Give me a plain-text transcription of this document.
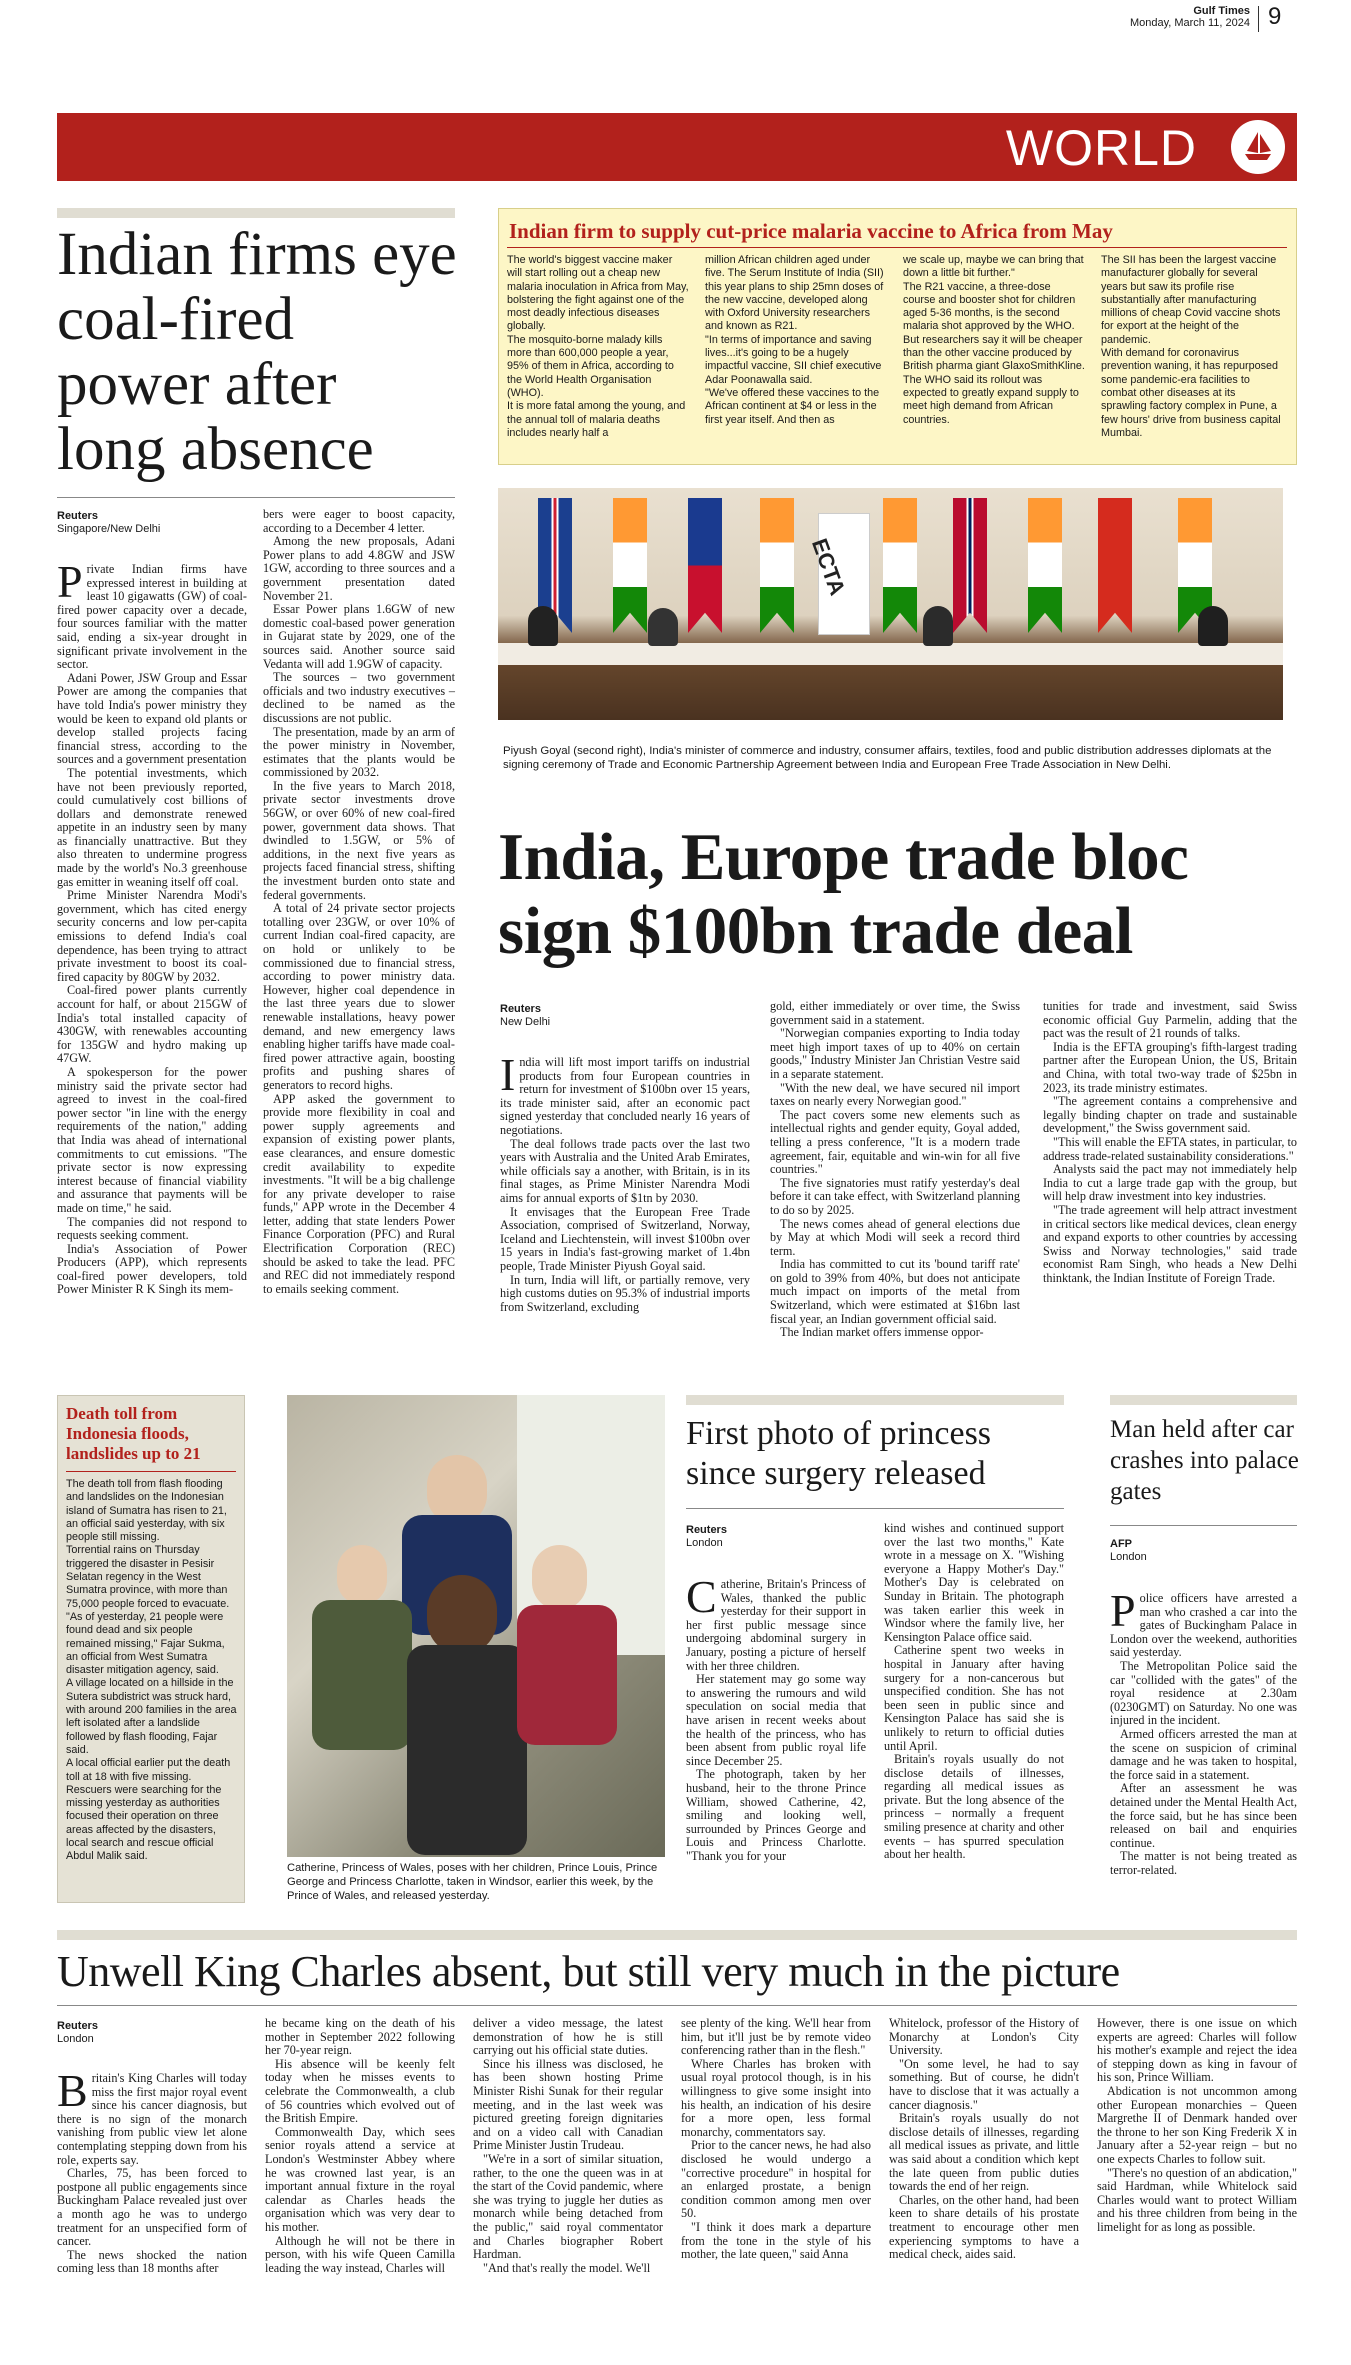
Gulf Times
Monday, March 11, 2024 9
WORLD
Indian firms eye coal-fired power after long absence
Reuters
Singapore/New Delhi

Private Indian firms have expressed interest in building at least 10 gigawatts (GW) of coal-fired power capacity over a decade, four sources familiar with the matter said, ending a six-year drought in significant private involvement in the sector.

Adani Power, JSW Group and Essar Power are among the companies that have told India's power ministry they would be keen to expand old plants or develop stalled projects facing financial stress, according to the sources and a government presentation

The potential investments, which have not been previously reported, could cumulatively cost billions of dollars and demonstrate renewed appetite in an industry seen by many as financially unattractive. But they also threaten to undermine progress made by the world's No.3 greenhouse gas emitter in weaning itself off coal.

Prime Minister Narendra Modi's government, which has cited energy security concerns and low per-capita emissions to defend India's coal dependence, has been trying to attract private investment to boost its coal-fired capacity by 80GW by 2032.

Coal-fired power plants currently account for half, or about 215GW of India's total installed capacity of 430GW, with renewables accounting for 135GW and hydro making up 47GW.

A spokesperson for the power ministry said the private sector had agreed to invest in the coal-fired power sector "in line with the energy requirements of the nation," adding that India was ahead of international commitments to cut emissions. "The private sector is now expressing interest because of financial viability and assurance that payments will be made on time," he said.

The companies did not respond to requests seeking comment.

India's Association of Power Producers (APP), which represents coal-fired power developers, told Power Minister R K Singh its mem-

bers were eager to boost capacity, according to a December 4 letter.

Among the new proposals, Adani Power plans to add 4.8GW and JSW 1GW, according to three sources and a government presentation dated November 21.

Essar Power plans 1.6GW of new domestic coal-based power generation in Gujarat state by 2029, one of the sources said. Another source said Vedanta will add 1.9GW of capacity.

The sources – two government officials and two industry executives – declined to be named as the discussions are not public.

The presentation, made by an arm of the power ministry in November, estimates that the plants would be commissioned by 2032.

In the five years to March 2018, private sector investments drove 56GW, or over 60% of new coal-fired power, government data shows. That dwindled to 1.5GW, or 5% of additions, in the next five years as projects faced financial stress, shifting the investment burden onto state and federal governments.

A total of 24 private sector projects totalling over 23GW, or over 10% of current Indian coal-fired capacity, are on hold or unlikely to be commissioned due to financial stress, according to power ministry data. However, higher coal dependence in the last three years due to slower renewable installations, heavy power demand, and new emergency laws enabling higher tariffs have made coal-fired power attractive again, boosting profits and pushing shares of generators to record highs.

APP asked the government to provide more flexibility in coal and power supply agreements and expansion of existing power plants, ease clearances, and ensure domestic credit availability to expedite investments. "It will be a big challenge for any private developer to raise funds," APP wrote in the December 4 letter, adding that state lenders Power Finance Corporation (PFC) and Rural Electrification Corporation (REC) should be asked to take the lead. PFC and REC did not immediately respond to emails seeking comment.

Indian firm to supply cut-price malaria vaccine to Africa from May
The world's biggest vaccine maker will start rolling out a cheap new malaria inoculation in Africa from May, bolstering the fight against one of the most deadly infectious diseases globally.
The mosquito-borne malady kills more than 600,000 people a year, 95% of them in Africa, according to the World Health Organisation (WHO).
It is more fatal among the young, and the annual toll of malaria deaths includes nearly half a
million African children aged under five. The Serum Institute of India (SII) this year plans to ship 25mn doses of the new vaccine, developed along with Oxford University researchers and known as R21.
"In terms of importance and saving lives...it's going to be a hugely impactful vaccine, SII chief executive Adar Poonawalla said.
"We've offered these vaccines to the African continent at $4 or less in the first year itself. And then as
we scale up, maybe we can bring that down a little bit further."
The R21 vaccine, a three-dose course and booster shot for children aged 5-36 months, is the second malaria shot approved by the WHO. But researchers say it will be cheaper than the other vaccine produced by British pharma giant GlaxoSmithKline.
The WHO said its rollout was expected to greatly expand supply to meet high demand from African countries.
The SII has been the largest vaccine manufacturer globally for several years but saw its profile rise substantially after manufacturing millions of cheap Covid vaccine shots for export at the height of the pandemic.
With demand for coronavirus prevention waning, it has repurposed some pandemic-era facilities to combat other diseases at its sprawling factory complex in Pune, a few hours' drive from business capital Mumbai.
ECTA
Piyush Goyal (second right), India's minister of commerce and industry, consumer affairs, textiles, food and public distribution addresses diplomats at the signing ceremony of Trade and Economic Partnership Agreement between India and European Free Trade Association in New Delhi.
India, Europe trade bloc sign $100bn trade deal
Reuters
New Delhi

India will lift most import tariffs on industrial products from four European countries in return for investment of $100bn over 15 years, its trade minister said, after an economic pact signed yesterday that concluded nearly 16 years of negotiations.

The deal follows trade pacts over the last two years with Australia and the United Arab Emirates, while officials say a another, with Britain, is in its final stages, as Prime Minister Narendra Modi aims for annual exports of $1tn by 2030.

It envisages that the European Free Trade Association, comprised of Switzerland, Norway, Iceland and Liechtenstein, will invest $100bn over 15 years in India's fast-growing market of 1.4bn people, Trade Minister Piyush Goyal said.

In turn, India will lift, or partially remove, very high customs duties on 95.3% of industrial imports from Switzerland, excluding

gold, either immediately or over time, the Swiss government said in a statement.

"Norwegian companies exporting to India today meet high import taxes of up to 40% on certain goods," Industry Minister Jan Christian Vestre said in a separate statement.

"With the new deal, we have secured nil import taxes on nearly every Norwegian good."

The pact covers some new elements such as intellectual rights and gender equity, Goyal added, telling a press conference, "It is a modern trade agreement, fair, equitable and win-win for all five countries."

The five signatories must ratify yesterday's deal before it can take effect, with Switzerland planning to do so by 2025.

The news comes ahead of general elections due by May at which Modi will seek a record third term.

India has committed to cut its 'bound tariff rate' on gold to 39% from 40%, but does not anticipate much impact on imports of the metal from Switzerland, which were estimated at $16bn last fiscal year, an Indian government official said.

The Indian market offers immense oppor-

tunities for trade and investment, said Swiss economic official Guy Parmelin, adding that the pact was the result of 21 rounds of talks.

India is the EFTA grouping's fifth-largest trading partner after the European Union, the US, Britain and China, with total two-way trade of $25bn in 2023, its trade ministry estimates.

"The agreement contains a comprehensive and legally binding chapter on trade and sustainable development," the Swiss government said.

"This will enable the EFTA states, in particular, to address trade-related sustainability considerations."

Analysts said the pact may not immediately help India to cut a large trade gap with the group, but will help draw investment into key industries.

"The trade agreement will help attract investment in critical sectors like medical devices, clean energy and expand exports to other countries by accessing Swiss and Norway technologies," said trade economist Ram Singh, who heads a New Delhi thinktank, the Indian Institute of Foreign Trade.

Death toll from Indonesia floods, landslides up to 21

The death toll from flash flooding and landslides on the Indonesian island of Sumatra has risen to 21, an official said yesterday, with six people still missing.

Torrential rains on Thursday triggered the disaster in Pesisir Selatan regency in the West Sumatra province, with more than 75,000 people forced to evacuate.

"As of yesterday, 21 people were found dead and six people remained missing," Fajar Sukma, an official from West Sumatra disaster mitigation agency, said.

A village located on a hillside in the Sutera subdistrict was struck hard, with around 200 families in the area left isolated after a landslide followed by flash flooding, Fajar said.

A local official earlier put the death toll at 18 with five missing. Rescuers were searching for the missing yesterday as authorities focused their operation on three areas affected by the disasters, local search and rescue official Abdul Malik said.

Catherine, Princess of Wales, poses with her children, Prince Louis, Prince George and Princess Charlotte, taken in Windsor, earlier this week, by the Prince of Wales, and released yesterday.
First photo of princess since surgery released
Reuters
London

Catherine, Britain's Princess of Wales, thanked the public yesterday for their support in her first public message since undergoing abdominal surgery in January, posting a picture of herself with her three children.

Her statement may go some way to answering the rumours and wild speculation on social media that have arisen in recent weeks about the health of the princess, who has been absent from public royal life since December 25.

The photograph, taken by her husband, heir to the throne Prince William, showed Catherine, 42, smiling and looking well, surrounded by Princes George and Louis and Princess Charlotte. "Thank you for your

kind wishes and continued support over the last two months," Kate wrote in a message on X. "Wishing everyone a Happy Mother's Day." Mother's Day is celebrated on Sunday in Britain. The photograph was taken earlier this week in Windsor where the family live, her Kensington Palace office said.

Catherine spent two weeks in hospital in January after having surgery for a non-cancerous but unspecified condition. She has not been seen in public since and Kensington Palace has said she is unlikely to return to official duties until April.

Britain's royals usually do not disclose details of illnesses, regarding all medical issues as private. But the long absence of the princess – normally a frequent smiling presence at charity and other events – has spurred speculation about her health.

Man held after car crashes into palace gates
AFP
London

Police officers have arrested a man who crashed a car into the gates of Buckingham Palace in London over the weekend, authorities said yesterday.

The Metropolitan Police said the car "collided with the gates" of the royal residence at 2.30am (0230GMT) on Saturday. No one was injured in the incident.

Armed officers arrested the man at the scene on suspicion of criminal damage and he was taken to hospital, the force said in a statement.

After an assessment he was detained under the Mental Health Act, the force said, but he has since been released on bail and enquiries continue.

The matter is not being treated as terror-related.

Unwell King Charles absent, but still very much in the picture
Reuters
London

Britain's King Charles will today miss the first major royal event since his cancer diagnosis, but there is no sign of the monarch vanishing from public view let alone contemplating stepping down from his role, experts say.

Charles, 75, has been forced to postpone all public engagements since Buckingham Palace revealed just over a month ago he was to undergo treatment for an unspecified form of cancer.

The news shocked the nation coming less than 18 months after

he became king on the death of his mother in September 2022 following her 70-year reign.

His absence will be keenly felt today when he misses events to celebrate the Commonwealth, a club of 56 countries which evolved out of the British Empire.

Commonwealth Day, which sees senior royals attend a service at London's Westminster Abbey where he was crowned last year, is an important annual fixture in the royal calendar as Charles heads the organisation which was very dear to his mother.

Although he will not be there in person, with his wife Queen Camilla leading the way instead, Charles will

deliver a video message, the latest demonstration of how he is still carrying out his official state duties.

Since his illness was disclosed, he has been shown hosting Prime Minister Rishi Sunak for their regular meeting, and in the last week was pictured greeting foreign dignitaries and on a video call with Canadian Prime Minister Justin Trudeau.

"We're in a sort of similar situation, rather, to the one the queen was in at the start of the Covid pandemic, where she was trying to juggle her duties as monarch while being detached from the public," said royal commentator and Charles biographer Robert Hardman.

"And that's really the model. We'll

see plenty of the king. We'll hear from him, but it'll just be by remote video conferencing rather than in the flesh."

Where Charles has broken with usual royal protocol though, is in his willingness to give some insight into his health, an indication of his desire for a more open, less formal monarchy, commentators say.

Prior to the cancer news, he had also disclosed he would undergo a "corrective procedure" in hospital for an enlarged prostate, a benign condition common among men over 50.

"I think it does mark a departure from the tone in the style of his mother, the late queen," said Anna

Whitelock, professor of the History of Monarchy at London's City University.

"On some level, he had to say something. But of course, he didn't have to disclose that it was actually a cancer diagnosis."

Britain's royals usually do not disclose details of illnesses, regarding all medical issues as private, and little was said about a condition which kept the late queen from public duties towards the end of her reign.

Charles, on the other hand, had been keen to share details of his prostate treatment to encourage other men experiencing symptoms to have a medical check, aides said.

However, there is one issue on which experts are agreed: Charles will follow his mother's example and reject the idea of stepping down as king in favour of his son, Prince William.

Abdication is not uncommon among other European monarchies – Queen Margrethe II of Denmark handed over the throne to her son King Frederik X in January after a 52-year reign – but no one expects Charles to follow suit.

"There's no question of an abdication," said Hardman, while Whitelock said Charles would want to protect William and his three children from being in the limelight for as long as possible.
